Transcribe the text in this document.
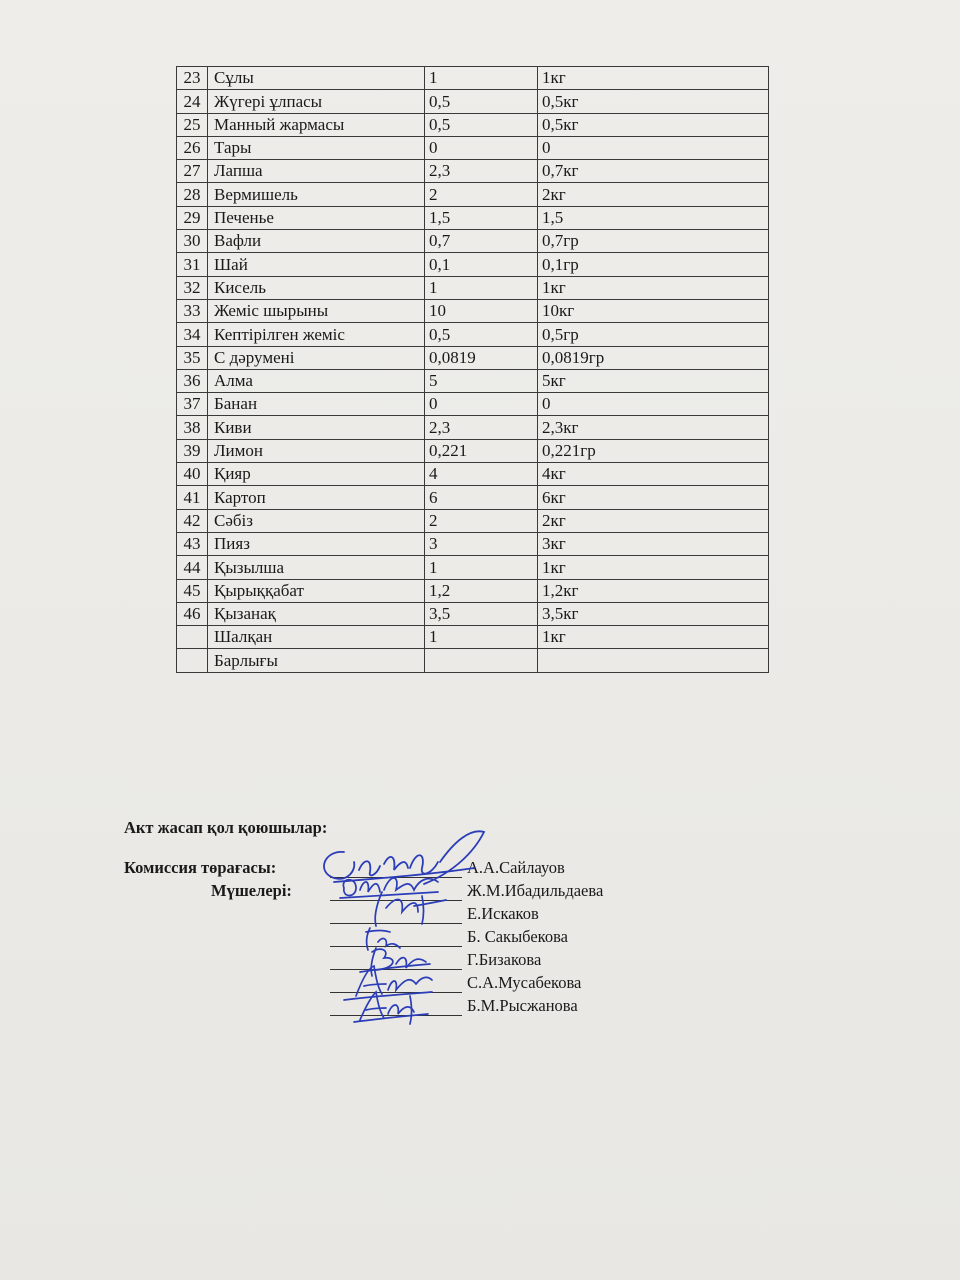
23	Сұлы	1	1кг
24	Жүгері ұлпасы	0,5	0,5кг
25	Манный жармасы	0,5	0,5кг
26	Тары	0	0
27	Лапша	2,3	0,7кг
28	Вермишель	2	2кг
29	Печенье	1,5	1,5
30	Вафли	0,7	0,7гр
31	Шай	0,1	0,1гр
32	Кисель	1	1кг
33	Жеміс шырыны	10	10кг
34	Кептірілген жеміс	0,5	0,5гр
35	С дәрумені	0,0819	0,0819гр
36	Алма	5	5кг
37	Банан	0	0
38	Киви	2,3	2,3кг
39	Лимон	0,221	0,221гр
40	Қияр	4	4кг
41	Картоп	6	6кг
42	Сәбіз	2	2кг
43	Пияз	3	3кг
44	Қызылша	1	1кг
45	Қырыққабат	1,2	1,2кг
46	Қызанақ	3,5	3,5кг
	Шалқан	1	1кг
	Барлығы		
Акт жасап қол қоюшылар:
Комиссия төрағасы:
Мүшелері:
А.А.Сайлауов
Ж.М.Ибадильдаева
Е.Искаков
Б. Сакыбекова
Г.Бизакова
С.А.Мусабекова
Б.М.Рысжанова
